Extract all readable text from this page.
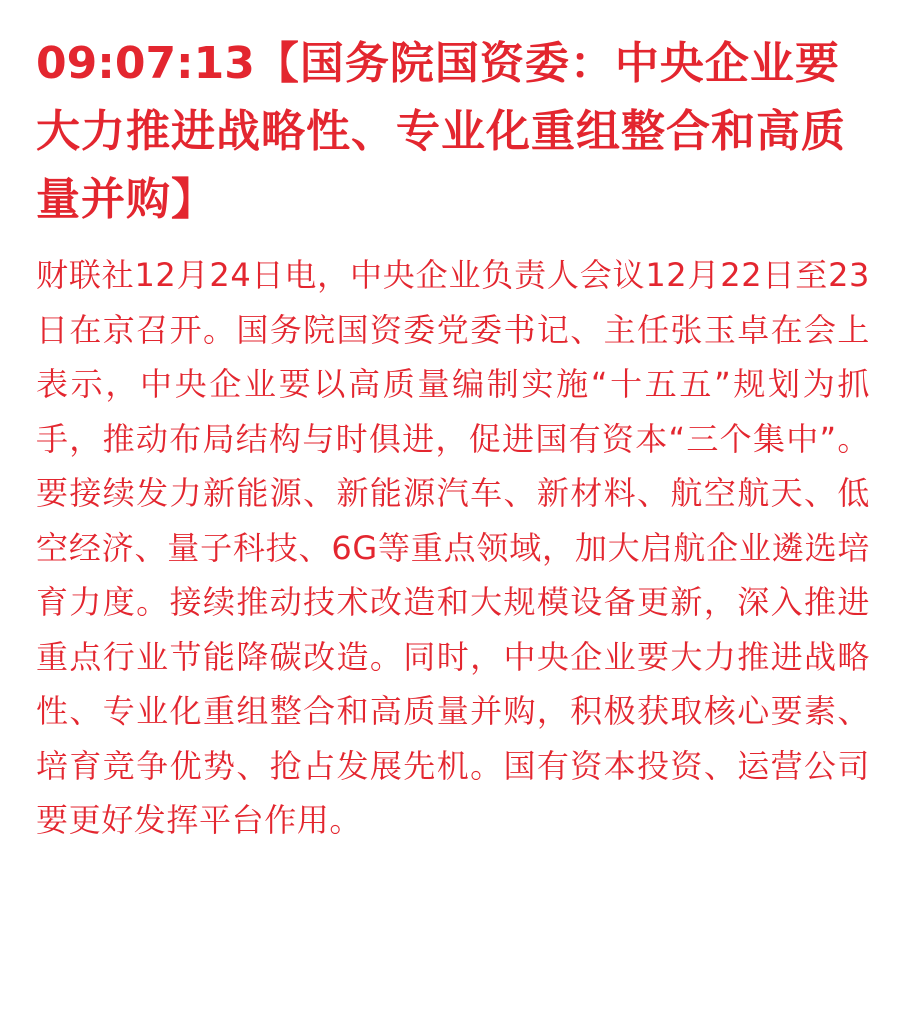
09:07:13【国务院国资委：中央企业要大力推进战略性、专业化重组整合和高质量并购】

财联社12月24日电，中央企业负责人会议12月22日至23日在京召开。国务院国资委党委书记、主任张玉卓在会上表示，中央企业要以高质量编制实施“十五五”规划为抓手，推动布局结构与时俱进，促进国有资本“三个集中”。要接续发力新能源、新能源汽车、新材料、航空航天、低空经济、量子科技、6G等重点领域，加大启航企业遴选培育力度。接续推动技术改造和大规模设备更新，深入推进重点行业节能降碳改造。同时，中央企业要大力推进战略性、专业化重组整合和高质量并购，积极获取核心要素、培育竞争优势、抢占发展先机。国有资本投资、运营公司要更好发挥平台作用。
